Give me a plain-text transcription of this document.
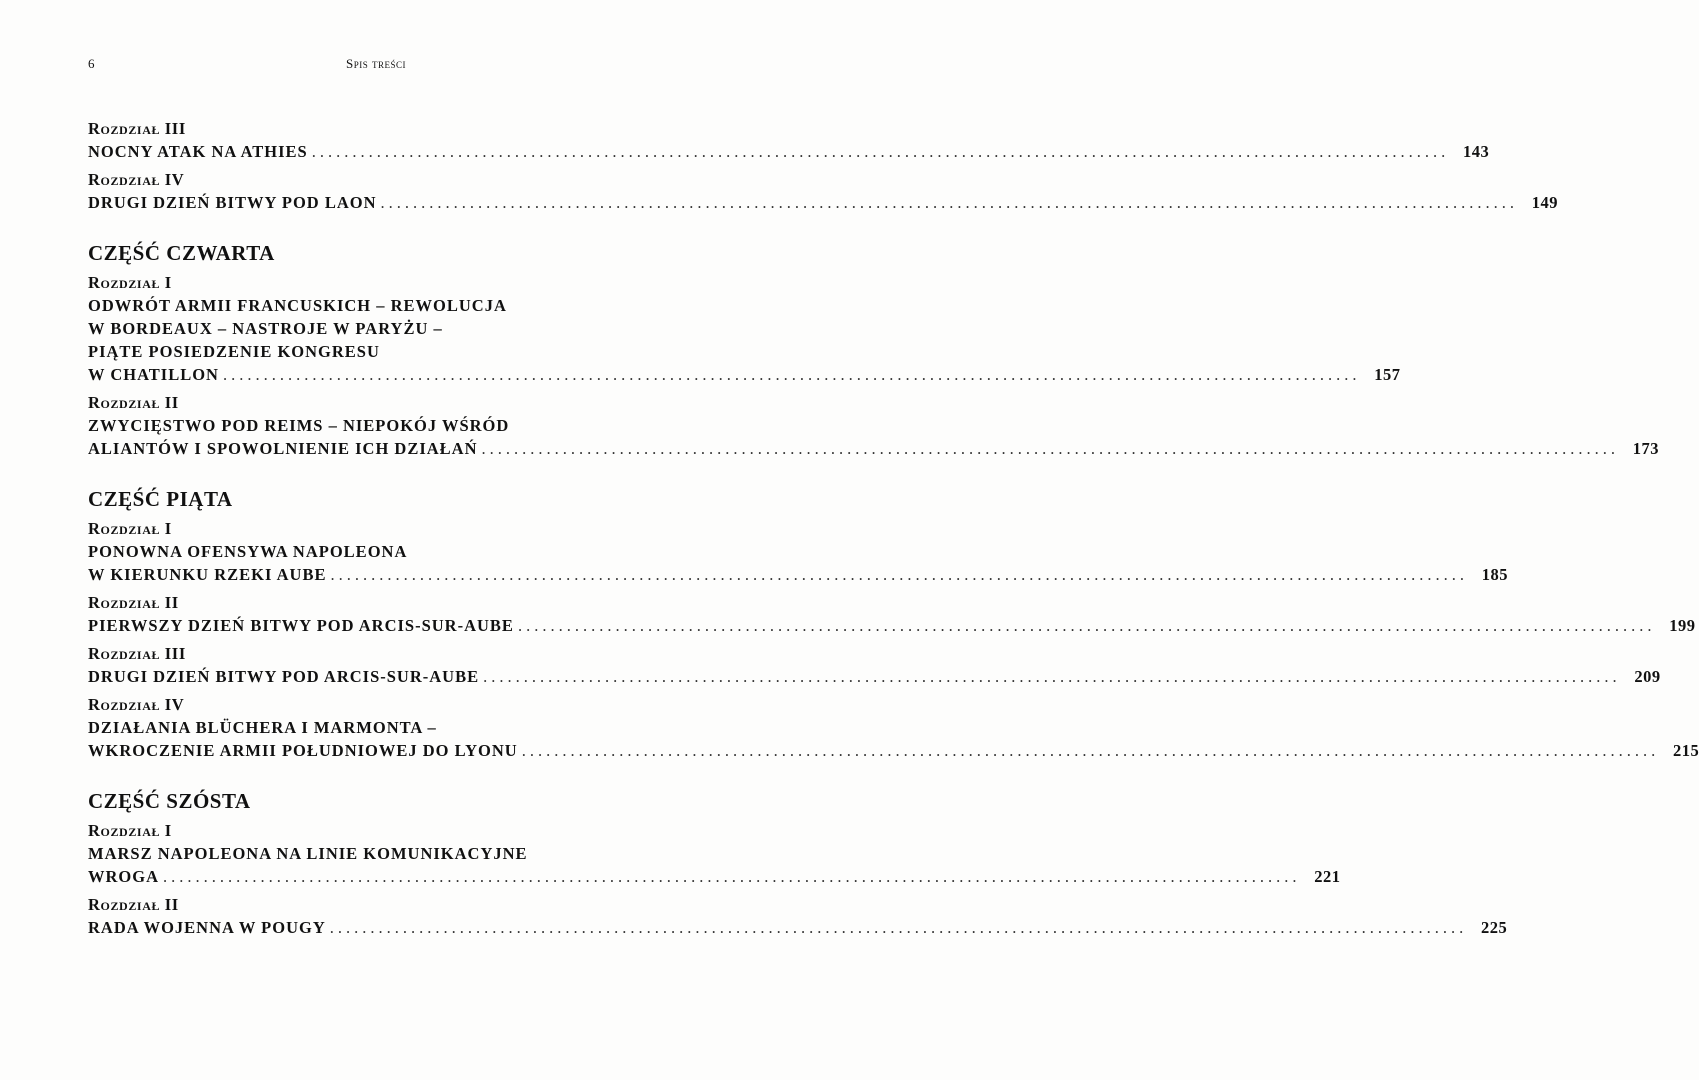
6	Spis treści
Rozdział III
NOCNY ATAK NA ATHIES ............................................................................................................................................ 143
Rozdział IV
DRUGI DZIEŃ BITWY POD LAON ............................................................................................................................................ 149
CZĘŚĆ CZWARTA
Rozdział I
ODWRÓT ARMII FRANCUSKICH – REWOLUCJA
W BORDEAUX – NASTROJE W PARYŻU –
PIĄTE POSIEDZENIE KONGRESU
W CHATILLON ............................................................................................................................................ 157
Rozdział II
ZWYCIĘSTWO POD REIMS – NIEPOKÓJ WŚRÓD
ALIANTÓW I SPOWOLNIENIE ICH DZIAŁAŃ ............................................................................................................................................ 173
CZĘŚĆ PIĄTA
Rozdział I
PONOWNA OFENSYWA NAPOLEONA
W KIERUNKU RZEKI AUBE ............................................................................................................................................ 185
Rozdział II
PIERWSZY DZIEŃ BITWY POD ARCIS-SUR-AUBE ............................................................................................................................................ 199
Rozdział III
DRUGI DZIEŃ BITWY POD ARCIS-SUR-AUBE ............................................................................................................................................ 209
Rozdział IV
DZIAŁANIA BLÜCHERA I MARMONTA –
WKROCZENIE ARMII POŁUDNIOWEJ DO LYONU ............................................................................................................................................ 215
CZĘŚĆ SZÓSTA
Rozdział I
MARSZ NAPOLEONA NA LINIE KOMUNIKACYJNE
WROGA ............................................................................................................................................ 221
Rozdział II
RADA WOJENNA W POUGY ............................................................................................................................................ 225
